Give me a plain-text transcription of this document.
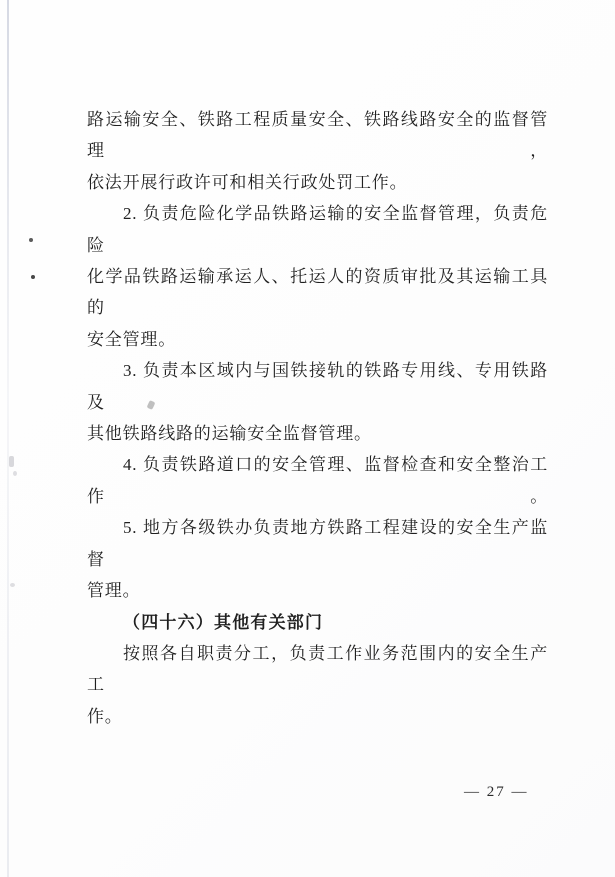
路运输安全、铁路工程质量安全、铁路线路安全的监督管理，

依法开展行政许可和相关行政处罚工作。

2. 负责危险化学品铁路运输的安全监督管理，负责危险

化学品铁路运输承运人、托运人的资质审批及其运输工具的

安全管理。

3. 负责本区域内与国铁接轨的铁路专用线、专用铁路及

其他铁路线路的运输安全监督管理。

4. 负责铁路道口的安全管理、监督检查和安全整治工作。

5. 地方各级铁办负责地方铁路工程建设的安全生产监督

管理。

（四十六）其他有关部门

按照各自职责分工，负责工作业务范围内的安全生产工

作。

— 27 —
